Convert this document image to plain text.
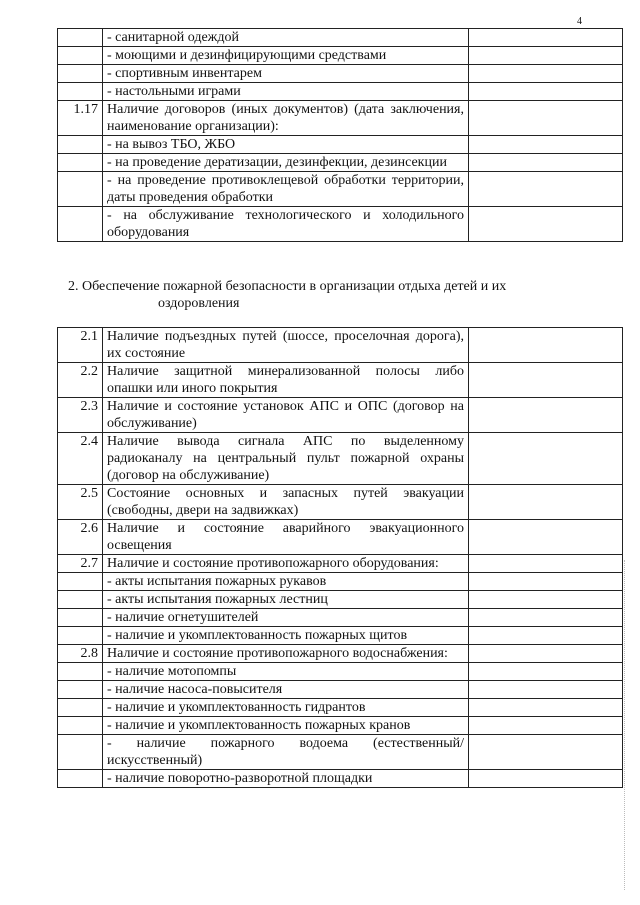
4
	- санитарной одеждой	
	- моющими и дезинфицирующими средствами	
	- спортивным инвентарем	
	- настольными играми	
1.17	Наличие договоров (иных документов) (дата заключения, наименование организации):	
	- на вывоз ТБО, ЖБО	
	- на проведение дератизации, дезинфекции, дезинсекции	
	- на проведение противоклещевой обработки территории, даты проведения обработки	
	- на обслуживание технологического и холодильного оборудования	
2. Обеспечение пожарной безопасности в организации отдыха детей и их
оздоровления
2.1	Наличие подъездных путей (шоссе, проселочная дорога), их состояние	
2.2	Наличие защитной минерализованной полосы либо опашки или иного покрытия	
2.3	Наличие и состояние установок АПС и ОПС (договор на обслуживание)	
2.4	Наличие вывода сигнала АПС по выделенному радиоканалу на центральный пульт пожарной охраны (договор на обслуживание)	
2.5	Состояние основных и запасных путей эвакуации (свободны, двери на задвижках)	
2.6	Наличие и состояние аварийного эвакуационного освещения	
2.7	Наличие и состояние противопожарного оборудования:	
	- акты испытания пожарных рукавов	
	- акты испытания пожарных лестниц	
	- наличие огнетушителей	
	- наличие и укомплектованность пожарных щитов	
2.8	Наличие и состояние противопожарного водоснабжения:	
	- наличие мотопомпы	
	- наличие насоса-повысителя	
	- наличие и укомплектованность гидрантов	
	- наличие и укомплектованность пожарных кранов	
	- наличие пожарного водоема (естественный/искусственный)	
	- наличие поворотно-разворотной площадки	
